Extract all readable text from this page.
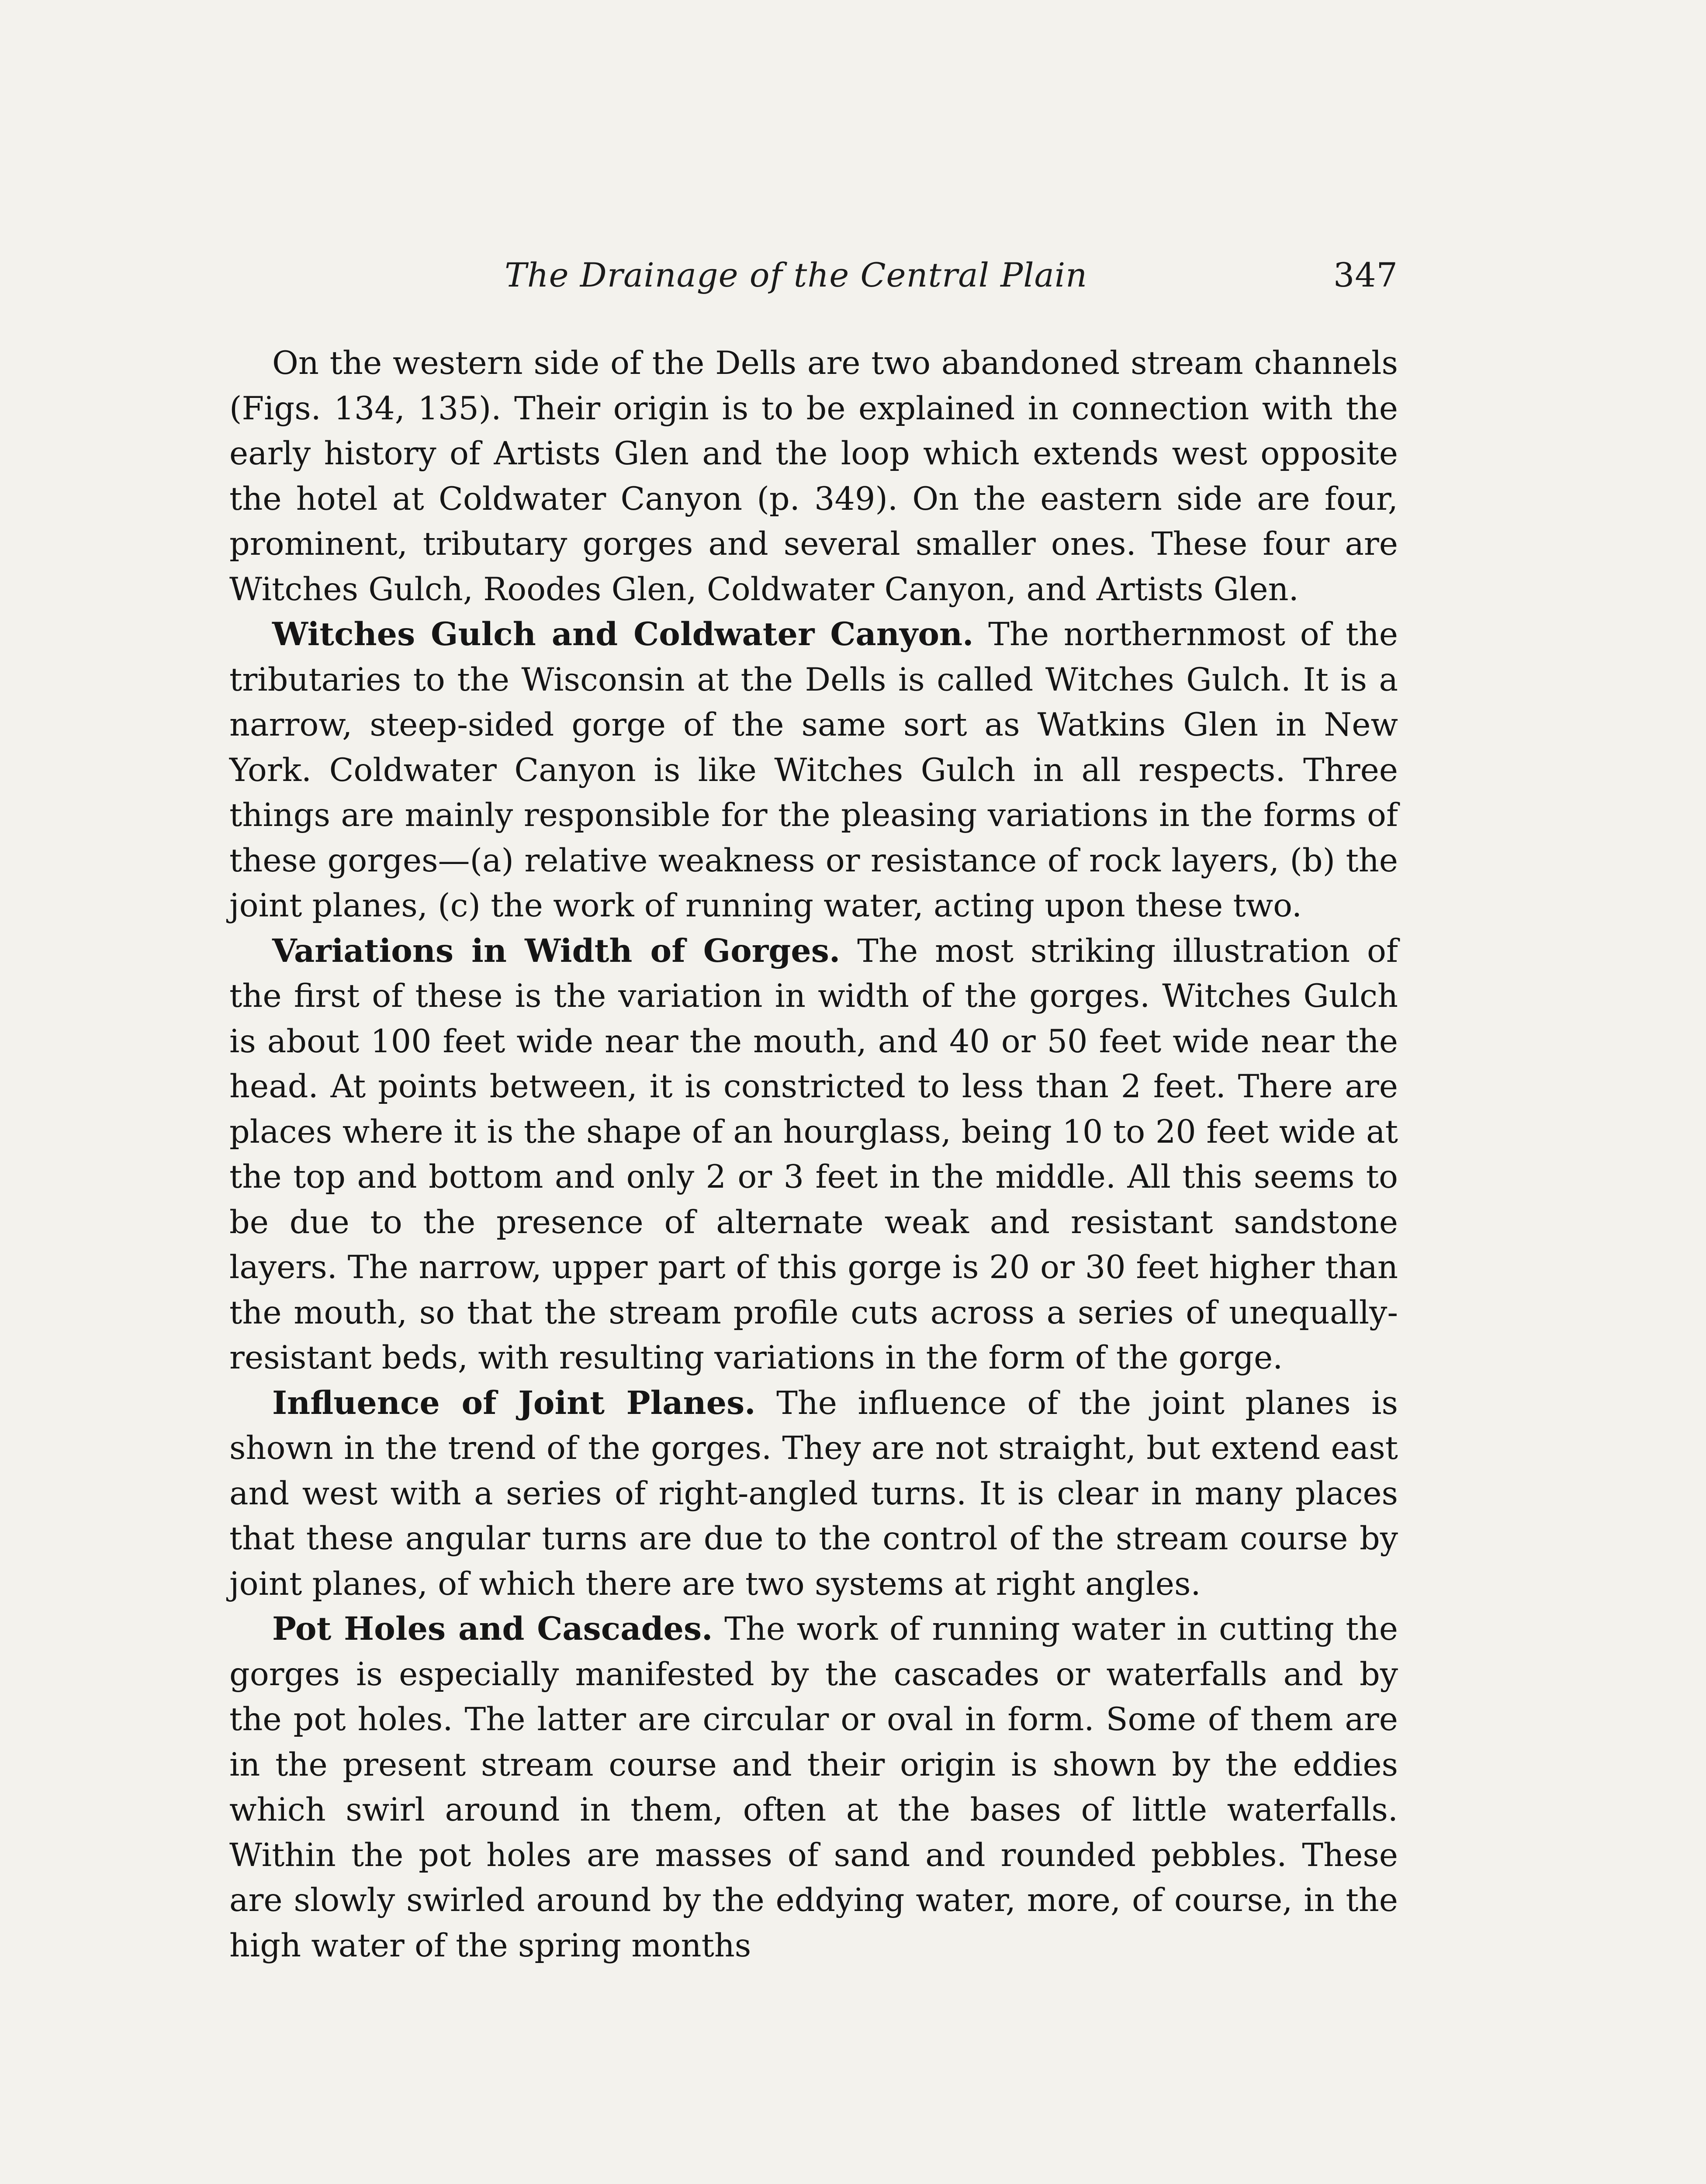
The Drainage of the Central Plain	347

On the western side of the Dells are two abandoned stream channels (Figs. 134, 135). Their origin is to be explained in connection with the early history of Artists Glen and the loop which extends west opposite the hotel at Coldwater Canyon (p. 349). On the eastern side are four, prominent, tributary gorges and several smaller ones. These four are Witches Gulch, Roodes Glen, Coldwater Canyon, and Artists Glen.

Witches Gulch and Coldwater Canyon. The northernmost of the tributaries to the Wisconsin at the Dells is called Witches Gulch. It is a narrow, steep-sided gorge of the same sort as Watkins Glen in New York. Coldwater Canyon is like Witches Gulch in all respects. Three things are mainly responsible for the pleasing variations in the forms of these gorges—(a) relative weakness or resistance of rock layers, (b) the joint planes, (c) the work of running water, acting upon these two.

Variations in Width of Gorges. The most striking illustration of the first of these is the variation in width of the gorges. Witches Gulch is about 100 feet wide near the mouth, and 40 or 50 feet wide near the head. At points between, it is constricted to less than 2 feet. There are places where it is the shape of an hourglass, being 10 to 20 feet wide at the top and bottom and only 2 or 3 feet in the middle. All this seems to be due to the presence of alternate weak and resistant sandstone layers. The narrow, upper part of this gorge is 20 or 30 feet higher than the mouth, so that the stream profile cuts across a series of unequally-resistant beds, with resulting variations in the form of the gorge.

Influence of Joint Planes. The influence of the joint planes is shown in the trend of the gorges. They are not straight, but extend east and west with a series of right-angled turns. It is clear in many places that these angular turns are due to the control of the stream course by joint planes, of which there are two systems at right angles.

Pot Holes and Cascades. The work of running water in cutting the gorges is especially manifested by the cascades or waterfalls and by the pot holes. The latter are circular or oval in form. Some of them are in the present stream course and their origin is shown by the eddies which swirl around in them, often at the bases of little waterfalls. Within the pot holes are masses of sand and rounded pebbles. These are slowly swirled around by the eddying water, more, of course, in the high water of the spring months
